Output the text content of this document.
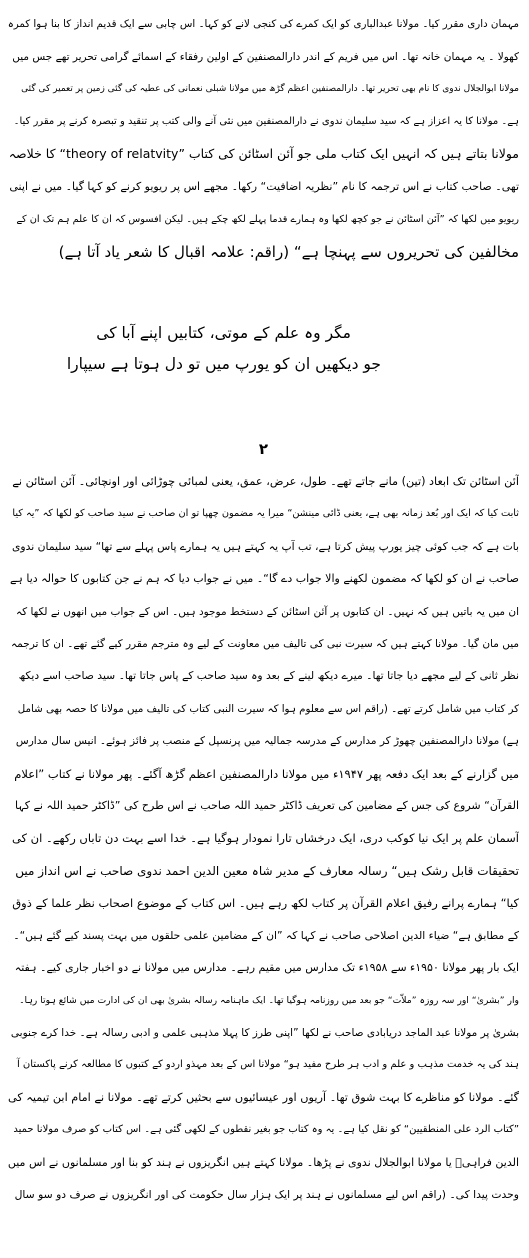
مہمان داری مقرر کیا۔ مولانا عبدالباری کو ایک کمرے کی کنجی لانے کو کہا۔ اس چابی سے ایک قدیم انداز کا بنا ہوا کمرہ

کھولا ۔ یہ مہمان خانہ تھا۔ اس میں فریم کے اندر دارالمصنفین کے اولین رفقاء کے اسمائے گرامی تحریر تھے جس میں

مولانا ابوالجلال ندوی کا نام بھی تحریر تھا۔ دارالمصنفین اعظم گڑھ میں مولانا شبلی نعمانی کی عطیہ کی گئی زمین پر تعمیر کی گئی

ہے۔ مولانا کا یہ اعزاز ہے کہ سید سلیمان ندوی نے دارالمصنفین میں نئی آنے والی کتب پر تنقید و تبصرہ کرنے پر مقرر کیا۔

مولانا بتاتے ہیں کہ انہیں ایک کتاب ملی جو آئن اسٹائن کی کتاب ”theory of relatvity“ کا خلاصہ

تھی۔ صاحب کتاب نے اس ترجمہ کا نام ”نظریہ اضافیت“ رکھا۔ مجھے اس پر ریویو کرنے کو کہا گیا۔ میں نے اپنی

ریویو میں لکھا کہ ”آئن اسٹائن نے جو کچھ لکھا وہ ہمارے قدما پہلے لکھ چکے ہیں۔ لیکن افسوس کہ ان کا علم ہم تک ان کے

مخالفین کی تحریروں سے پہنچا ہے“ (راقم: علامہ اقبال کا شعر یاد آتا ہے)

مگر وہ علم کے موتی، کتابیں اپنے آبا کی

جو دیکھیں ان کو یورپ میں تو دل ہوتا ہے سیپارا

۲

آئن اسٹائن تک ابعاد (تین) مانے جاتے تھے۔ طول، عرض، عمق، یعنی لمبائی چوڑائی اور اونچائی۔ آئن اسٹائن نے

ثابت کیا کہ ایک اور بُعد زمانہ بھی ہے، یعنی ڈائی مینشن“ میرا یہ مضمون چھپا تو ان صاحب نے سید صاحب کو لکھا کہ ”یہ کیا

بات ہے کہ جب کوئی چیز یورپ پیش کرتا ہے، تب آپ یہ کہتے ہیں یہ ہمارے پاس پہلے سے تھا“ سید سلیمان ندوی

صاحب نے ان کو لکھا کہ مضمون لکھنے والا جواب دے گا“۔ میں نے جواب دیا کہ ہم نے جن کتابوں کا حوالہ دیا ہے

ان میں یہ باتیں ہیں کہ نہیں۔ ان کتابوں پر آئن اسٹائن کے دستخط موجود ہیں۔ اس کے جواب میں انھوں نے لکھا کہ

میں مان گیا۔ مولانا کہتے ہیں کہ سیرت نبی کی تالیف میں معاونت کے لیے وہ مترجم مقرر کیے گئے تھے۔ ان کا ترجمہ

نظر ثانی کے لیے مجھے دیا جاتا تھا۔ میرے دیکھ لینے کے بعد وہ سید صاحب کے پاس جاتا تھا۔ سید صاحب اسے دیکھ

کر کتاب میں شامل کرتے تھے۔ (راقم اس سے معلوم ہوا کہ سیرت النبی کتاب کی تالیف میں مولانا کا حصہ بھی شامل

ہے) مولانا دارالمصنفین چھوڑ کر مدارس کے مدرسہ جمالیہ میں پرنسپل کے منصب پر فائز ہوئے۔ انیس سال مدارس

میں گزارنے کے بعد ایک دفعہ پھر ۱۹۴۷ء میں مولانا دارالمصنفین اعظم گڑھ آگئے۔ پھر مولانا نے کتاب ”اعلام

القرآن“ شروع کی جس کے مضامین کی تعریف ڈاکٹر حمید اللہ صاحب نے اس طرح کی ”ڈاکٹر حمید اللہ نے کہا

آسمان علم پر ایک نیا کوکب دری، ایک درخشاں تارا نمودار ہوگیا ہے۔ خدا اسے بہت دن تاباں رکھے۔ ان کی

تحقیقات قابل رشک ہیں“ رسالہ معارف کے مدیر شاہ معین الدین احمد ندوی صاحب نے اس انداز میں

کیا“ ہمارے پرانے رفیق اعلام القرآن پر کتاب لکھ رہے ہیں۔ اس کتاب کے موضوع اصحاب نظر علما کے ذوق

کے مطابق ہے“ ضیاء الدین اصلاحی صاحب نے کہا کہ ”ان کے مضامین علمی حلقوں میں بہت پسند کیے گئے ہیں“۔

ایک بار پھر مولانا ۱۹۵۰ء سے ۱۹۵۸ء تک مدارس میں مقیم رہے۔ مدارس میں مولانا نے دو اخبار جاری کیے۔ ہفتہ

وار ”بشریٰ“ اور سہ روزہ ”ملاّت“ جو بعد میں روزنامہ ہوگیا تھا۔ ایک ماہنامہ رسالہ بشریٰ بھی ان کی ادارت میں شائع ہوتا رہا۔

بشریٰ پر مولانا عبد الماجد دریابادی صاحب نے لکھا ”اپنی طرز کا پہلا مذہبی علمی و ادبی رسالہ ہے۔ خدا کرے جنوبی

ہند کی یہ خدمت مذہب و علم و ادب ہر طرح مفید ہو“ مولانا اس کے بعد مہذو اردو کے کتبوں کا مطالعہ کرنے پاکستان آ

گئے۔ مولانا کو مناظرے کا بہت شوق تھا۔ آریوں اور عیسائیوں سے بحثیں کرتے تھے۔ مولانا نے امام ابن تیمیہ کی

”کتاب الرد علی المنطقیین“ کو نقل کیا ہے۔ یہ وہ کتاب جو بغیر نقطوں کے لکھی گئی ہے۔ اس کتاب کو صرف مولانا حمید

الدین فراہیؒ یا مولانا ابوالجلال ندوی نے پڑھا۔ مولانا کہتے ہیں انگریزوں نے ہند کو بنا اور مسلمانوں نے اس میں

وحدت پیدا کی۔ (راقم اس لیے مسلمانوں نے ہند پر ایک ہزار سال حکومت کی اور انگریزوں نے صرف دو سو سال
